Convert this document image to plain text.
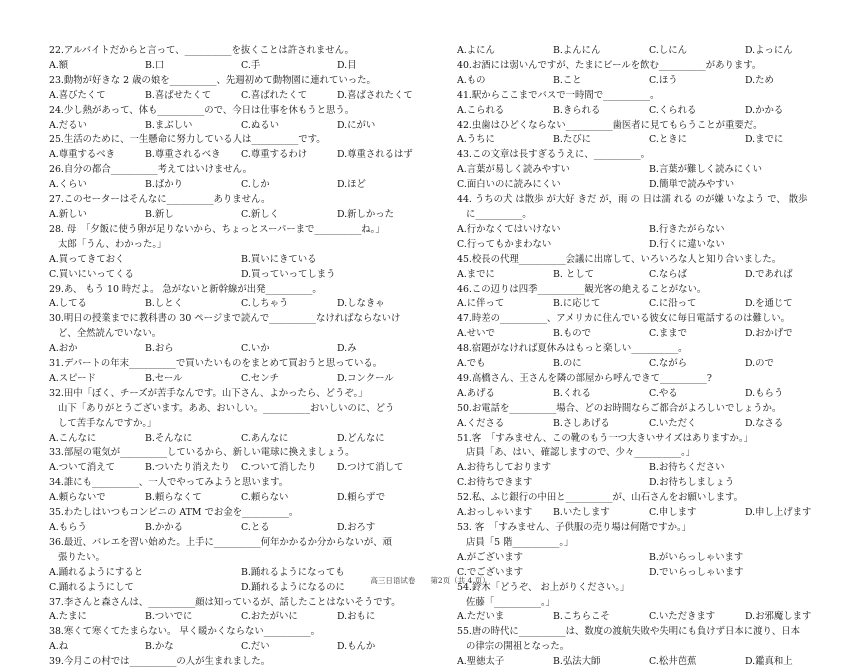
22.アルバイトだからと言って、__________を抜くことは許されません。
A.額	B.口	C.手	D.目
23.動物が好きな 2 歳の娘を__________、先週初めて動物園に連れていった。
A.喜びたくて	B.喜ばせたくて	C.喜ばれたくて	D.喜ばされたくて
24.少し熱があって、体も__________ので、今日は仕事を休もうと思う。
A.だるい	B.まぶしい	C.ぬるい	D.にがい
25.生活のために、一生懸命に努力している人は__________です。
A.尊重するべき	B.尊重されるべき	C.尊重するわけ	D.尊重されるはず
26.自分の都合__________考えてはいけません。
A.くらい	B.ばかり	C.しか	D.ほど
27.このセーターはそんなに__________ありません。
A.新しい	B.新し	C.新しく	D.新しかった
28. 母　「夕飯に使う卵が足りないから、ちょっとスーパーまで__________ね。」
太郎「うん、わかった。」
A.買ってきておく	B.買いにきている
C.買いにいってくる	D.買っていってしまう
29.あ、 もう 10 時だよ。 急がないと新幹線が出発__________。
A.してる	B.しとく	C.しちゃう	D.しなきゃ
30.明日の授業までに教科書の 30 ページまで読んで__________なければならないけ
ど、全然読んでいない。
A.おか	B.おら	C.いか	D.み
31.デパートの年末__________で買いたいものをまとめて買おうと思っている。
A.スピード	B.セール	C.センチ	D.コンクール
32.田中「ぼく、チーズが苦手なんです。山下さん、よかったら、どうぞ。」
山下「ありがとうございます。ああ、おいしい。__________おいしいのに、どう
して苦手なんですか。」
A.こんなに	B.そんなに	C.あんなに	D.どんなに
33.部屋の電気が__________しているから、新しい電球に換えましょう。
A.ついて消えて	B.ついたり消えたり	C.ついて消したり	D.つけて消して
34.誰にも__________、一人でやってみようと思います。
A.頼らないで	B.頼らなくて	C.頼らない	D.頼らずで
35.わたしはいつもコンビニの ATM でお金を__________。
A.もらう	B.かかる	C.とる	D.おろす
36.最近、バレエを習い始めた。上手に__________何年かかるか分からないが、頑
張りたい。
A.踊れるようにすると	B.踊れるようになっても
C.踊れるようにして	D.踊れるようになるのに
37.李さんと森さんは、__________顔は知っているが、話したことはないそうです。
A.たまに	B.ついでに	C.おたがいに	D.おもに
38.寒くて寒くてたまらない。 早く暖かくならない__________。
A.ね	B.かな	C.だい	D.もんか
39.今月この村では__________の人が生まれました。
A.よにん	B.よんにん	C.しにん	D.よっにん
40.お酒には弱いんですが、たまにビールを飲む__________があります。
A.もの	B.こと	C.ほう	D.ため
41.駅からここまでバスで一時間で__________。
A.こられる	B.きられる	C.くられる	D.かかる
42.虫歯はひどくならない__________歯医者に見てもらうことが重要だ。
A.うちに	B.たびに	C.ときに	D.までに
43.この文章は長すぎるうえに、__________。
A.言葉が易しく読みやすい	B.言葉が難しく読みにくい
C.面白いのに読みにくい	D.簡単で読みやすい
44. うちの犬 は散歩 が大好 きだ が，雨 の 日は濡 れる のが嫌 いなよう で、 散歩
に__________。
A.行かなくてはいけない	B.行きたがらない
C.行ってもかまわない	D.行くに違いない
45.校長の代理__________会議に出席して、いろいろな人と知り合いました。
A.までに	B. として	C.ならば	D.であれば
46.この辺りは四季__________観光客の絶えることがない。
A.に伴って	B.に応じて	C.に沿って	D.を通じて
47.時差の__________、アメリカに住んでいる彼女に毎日電話するのは難しい。
A.せいで	B.もので	C.ままで	D.おかげで
48.宿題がなければ夏休みはもっと楽しい__________。
A.でも	B.のに	C.ながら	D.ので
49.高橋さん、王さんを隣の部屋から呼んできて__________?
A.あげる	B.くれる	C.やる	D.もらう
50.お電話を__________場合、どのお時間ならご都合がよろしいでしょうか。
A.くださる	B.さしあげる	C.いただく	D.なさる
51.客　「すみません、この靴のもう一つ大きいサイズはありますか。」
店員「あ、はい、確認しますので、少々__________。」
A.お待ちしております	B.お待ちください
C.お待ちできます	D.お待ちしましょう
52.私、ふじ銀行の中田と__________が、山石さんをお願いします。
A.おっしゃいます	B.いたします	C.申します	D.申し上げます
53. 客　「すみません、子供服の売り場は何階ですか。」
店員「5 階__________。」
A.がございます	B.がいらっしゃいます
C.でございます	D.でいらっしゃいます
54.鈴木「どうぞ、 お上がりください。」
佐藤「__________。」
A.ただいま	B.こちらこそ	C.いただきます	D.お邪魔します
55.唐の時代に__________は、数度の渡航失敗や失明にも負けず日本に渡り、日本
の律宗の開祖となった。
A.聖徳太子	B.弘法大師	C.松井芭蕉	D.鑑真和上
高三日语试卷　　第2页（共 4 页）
